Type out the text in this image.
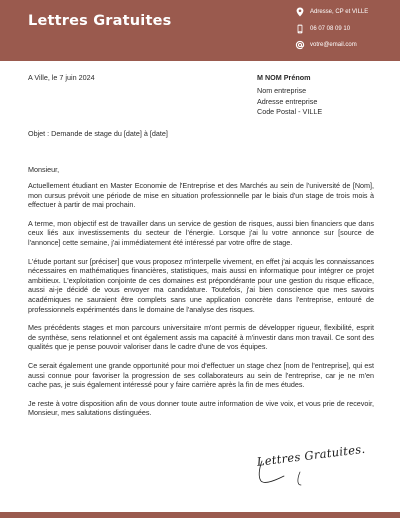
Lettres Gratuites
Adresse, CP et VILLE
06 07 08 09 10
votre@email.com
A Ville, le 7 juin 2024	M NOM Prénom
Nom entreprise
Adresse entreprise
Code Postal - VILLE
Objet : Demande de stage du [date] à [date]
Monsieur,

Actuellement étudiant en Master Economie de l'Entreprise et des Marchés au sein de l'université de [Nom], mon cursus prévoit une période de mise en situation professionnelle par le biais d'un stage de trois mois à effectuer à partir de mai prochain.

A terme, mon objectif est de travailler dans un service de gestion de risques, aussi bien financiers que dans ceux liés aux investissements du secteur de l'énergie. Lorsque j'ai lu votre annonce sur [source de l'annonce] cette semaine, j'ai immédiatement été intéressé par votre offre de stage.

L'étude portant sur [préciser] que vous proposez m'interpelle vivement, en effet j'ai acquis les connaissances nécessaires en mathématiques financières, statistiques, mais aussi en informatique pour intégrer ce projet ambitieux. L'exploitation conjointe de ces domaines est prépondérante pour une gestion du risque efficace, aussi ai-je décidé de vous envoyer ma candidature. Toutefois, j'ai bien conscience que mes savoirs académiques ne sauraient être complets sans une application concrète dans l'entreprise, entouré de professionnels expérimentés dans le domaine de l'analyse des risques.

Mes précédents stages et mon parcours universitaire m'ont permis de développer rigueur, flexibilité, esprit de synthèse, sens relationnel et ont également assis ma capacité à m'investir dans mon travail. Ce sont des qualités que je pense pouvoir valoriser dans le cadre d'une de vos équipes.

Ce serait également une grande opportunité pour moi d'effectuer un stage chez [nom de l'entreprise], qui est aussi connue pour favoriser la progression de ses collaborateurs au sein de l'entreprise, car je ne m'en cache pas, je suis également intéressé pour y faire carrière après la fin de mes études.

Je reste à votre disposition afin de vous donner toute autre information de vive voix, et vous prie de recevoir, Monsieur, mes salutations distinguées.

Lettres Gratuites.
